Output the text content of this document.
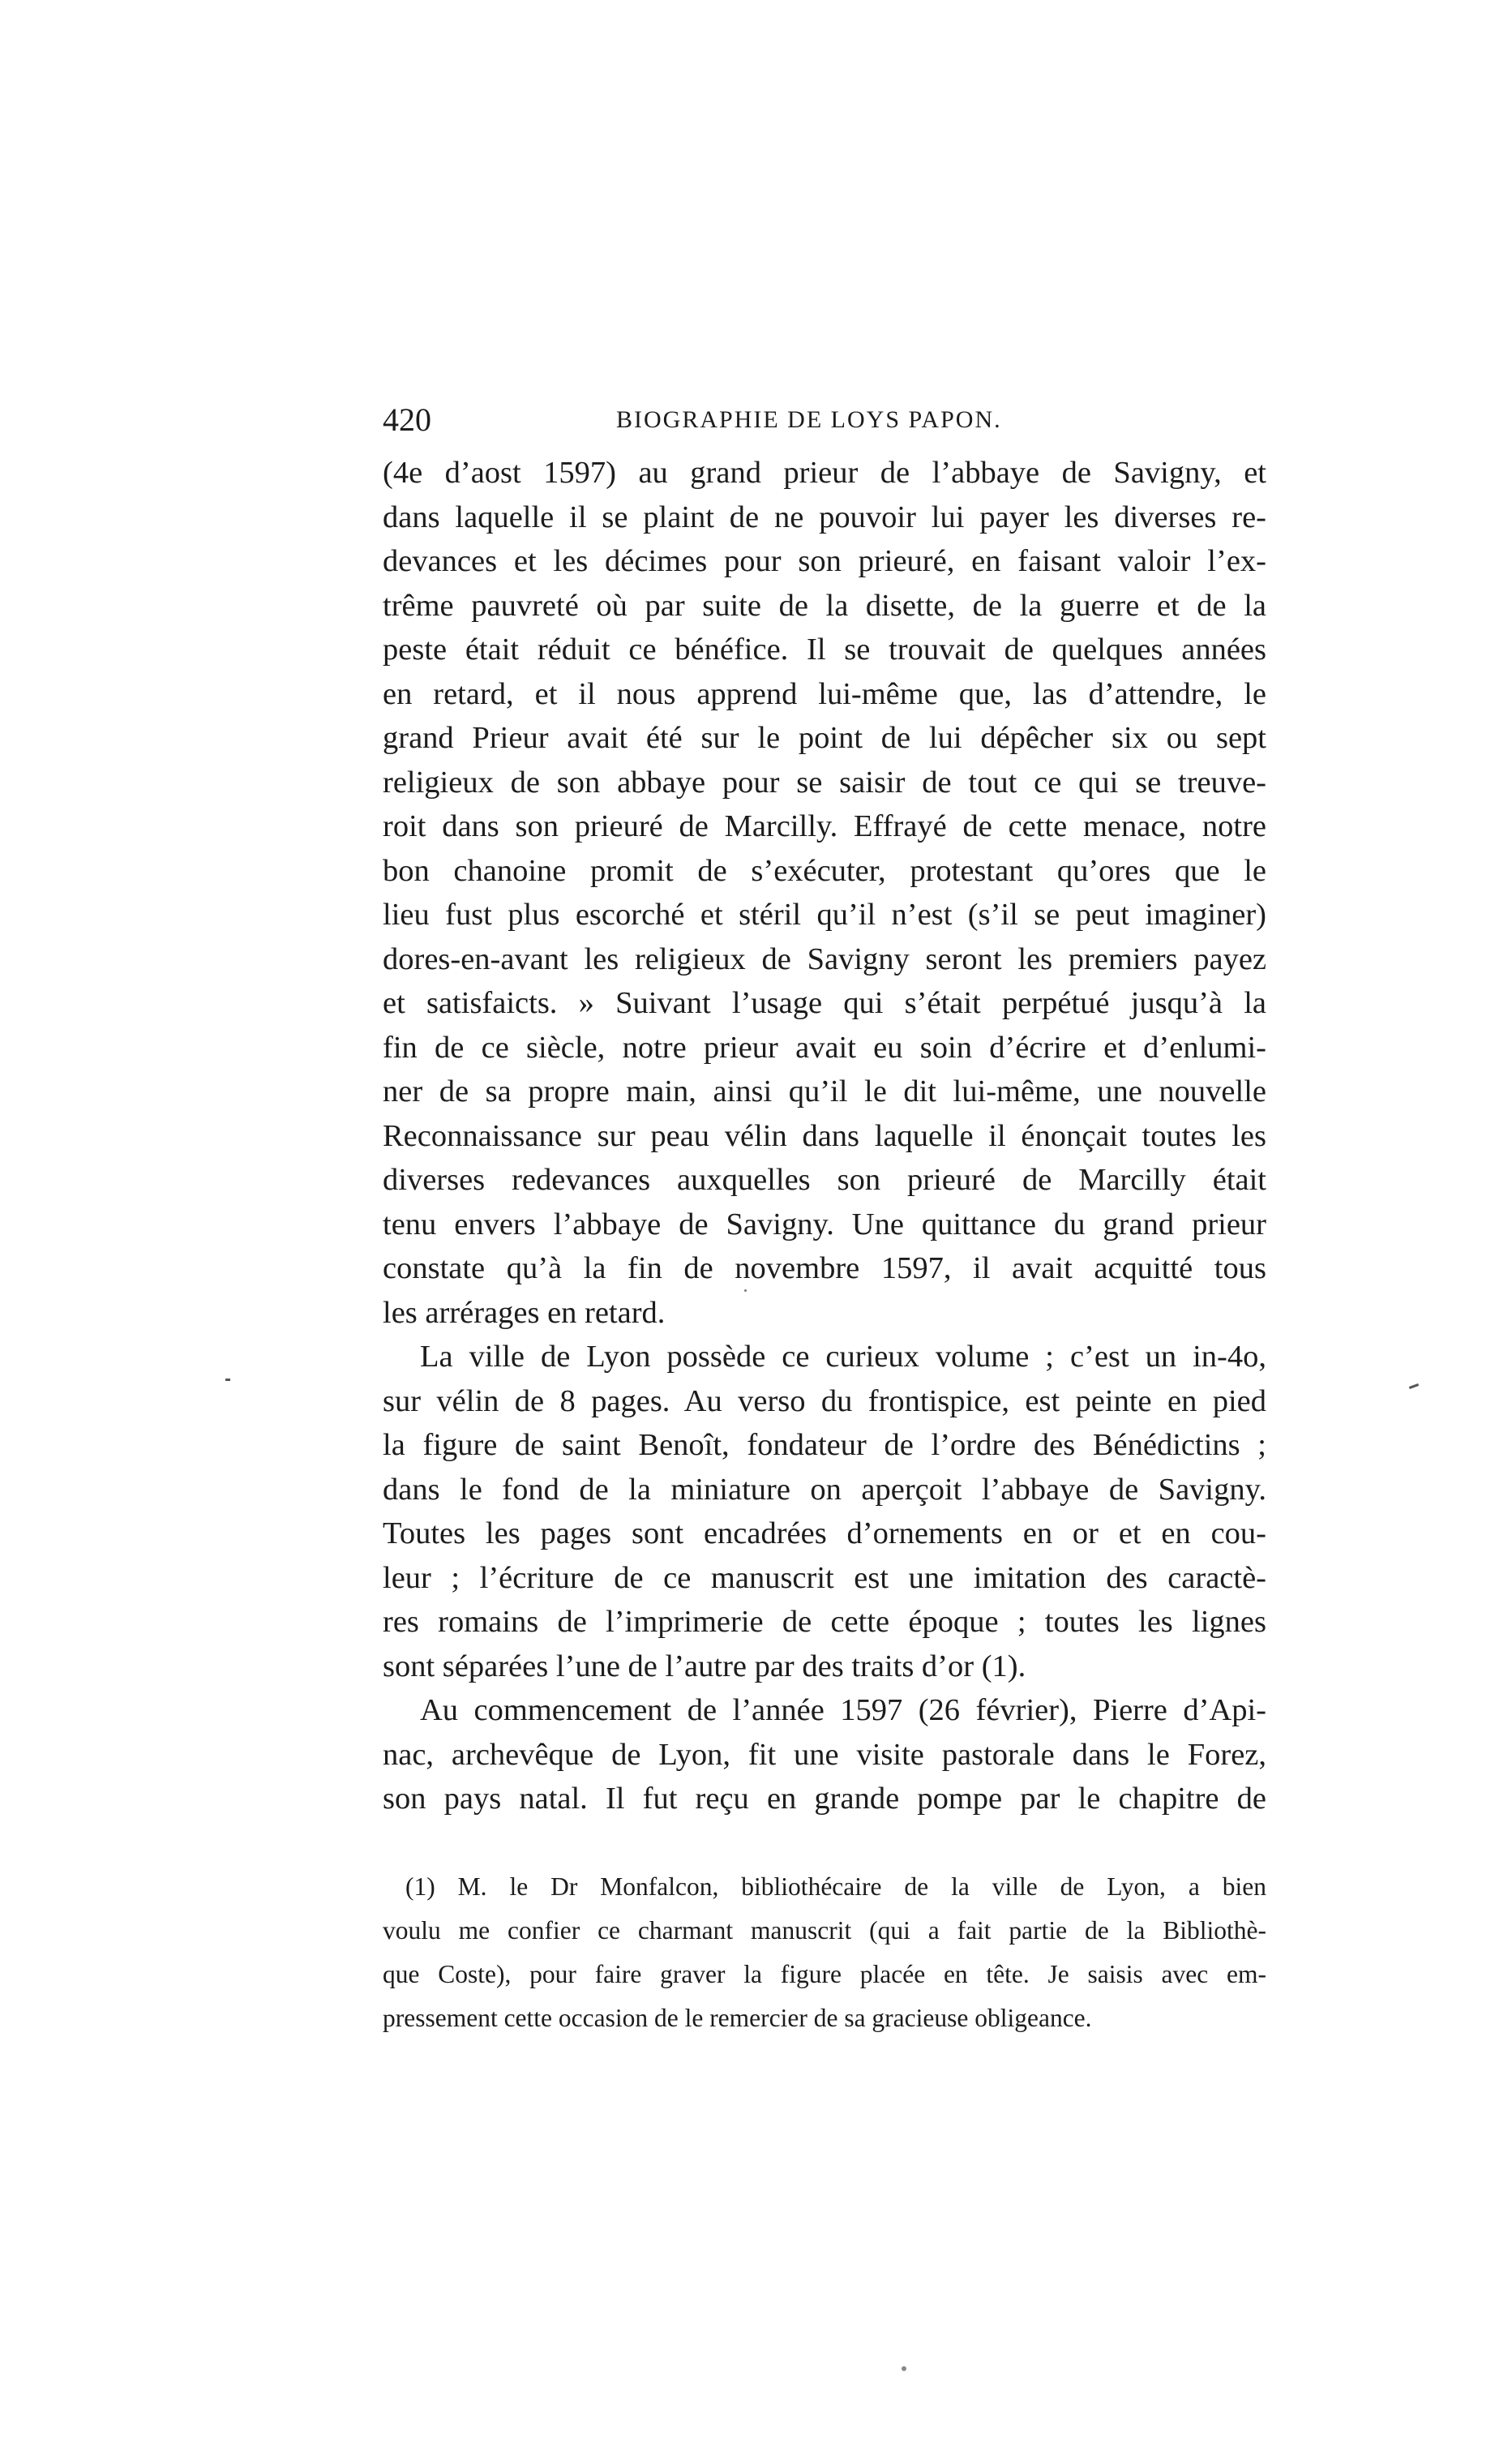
420	BIOGRAPHIE DE LOYS PAPON.
(4e d’aost 1597) au grand prieur de l’abbaye de Savigny, et
dans laquelle il se plaint de ne pouvoir lui payer les diverses re-
devances et les décimes pour son prieuré, en faisant valoir l’ex-
trême pauvreté où par suite de la disette, de la guerre et de la
peste était réduit ce bénéfice. Il se trouvait de quelques années
en retard, et il nous apprend lui-même que, las d’attendre, le
grand Prieur avait été sur le point de lui dépêcher six ou sept
religieux de son abbaye pour se saisir de tout ce qui se treuve-
roit dans son prieuré de Marcilly. Effrayé de cette menace, notre
bon chanoine promit de s’exécuter, protestant qu’ores que le
lieu fust plus escorché et stéril qu’il n’est (s’il se peut imaginer)
dores-en-avant les religieux de Savigny seront les premiers payez
et satisfaicts. » Suivant l’usage qui s’était perpétué jusqu’à la
fin de ce siècle, notre prieur avait eu soin d’écrire et d’enlumi-
ner de sa propre main, ainsi qu’il le dit lui-même, une nouvelle
Reconnaissance sur peau vélin dans laquelle il énonçait toutes les
diverses redevances auxquelles son prieuré de Marcilly était
tenu envers l’abbaye de Savigny. Une quittance du grand prieur
constate qu’à la fin de novembre 1597, il avait acquitté tous
les arrérages en retard.
La ville de Lyon possède ce curieux volume ; c’est un in-4o,
sur vélin de 8 pages. Au verso du frontispice, est peinte en pied
la figure de saint Benoît, fondateur de l’ordre des Bénédictins ;
dans le fond de la miniature on aperçoit l’abbaye de Savigny.
Toutes les pages sont encadrées d’ornements en or et en cou-
leur ; l’écriture de ce manuscrit est une imitation des caractè-
res romains de l’imprimerie de cette époque ; toutes les lignes
sont séparées l’une de l’autre par des traits d’or (1).
Au commencement de l’année 1597 (26 février), Pierre d’Api-
nac, archevêque de Lyon, fit une visite pastorale dans le Forez,
son pays natal. Il fut reçu en grande pompe par le chapitre de
(1) M. le Dr Monfalcon, bibliothécaire de la ville de Lyon, a bien
voulu me confier ce charmant manuscrit (qui a fait partie de la Bibliothè-
que Coste), pour faire graver la figure placée en tête. Je saisis avec em-
pressement cette occasion de le remercier de sa gracieuse obligeance.
